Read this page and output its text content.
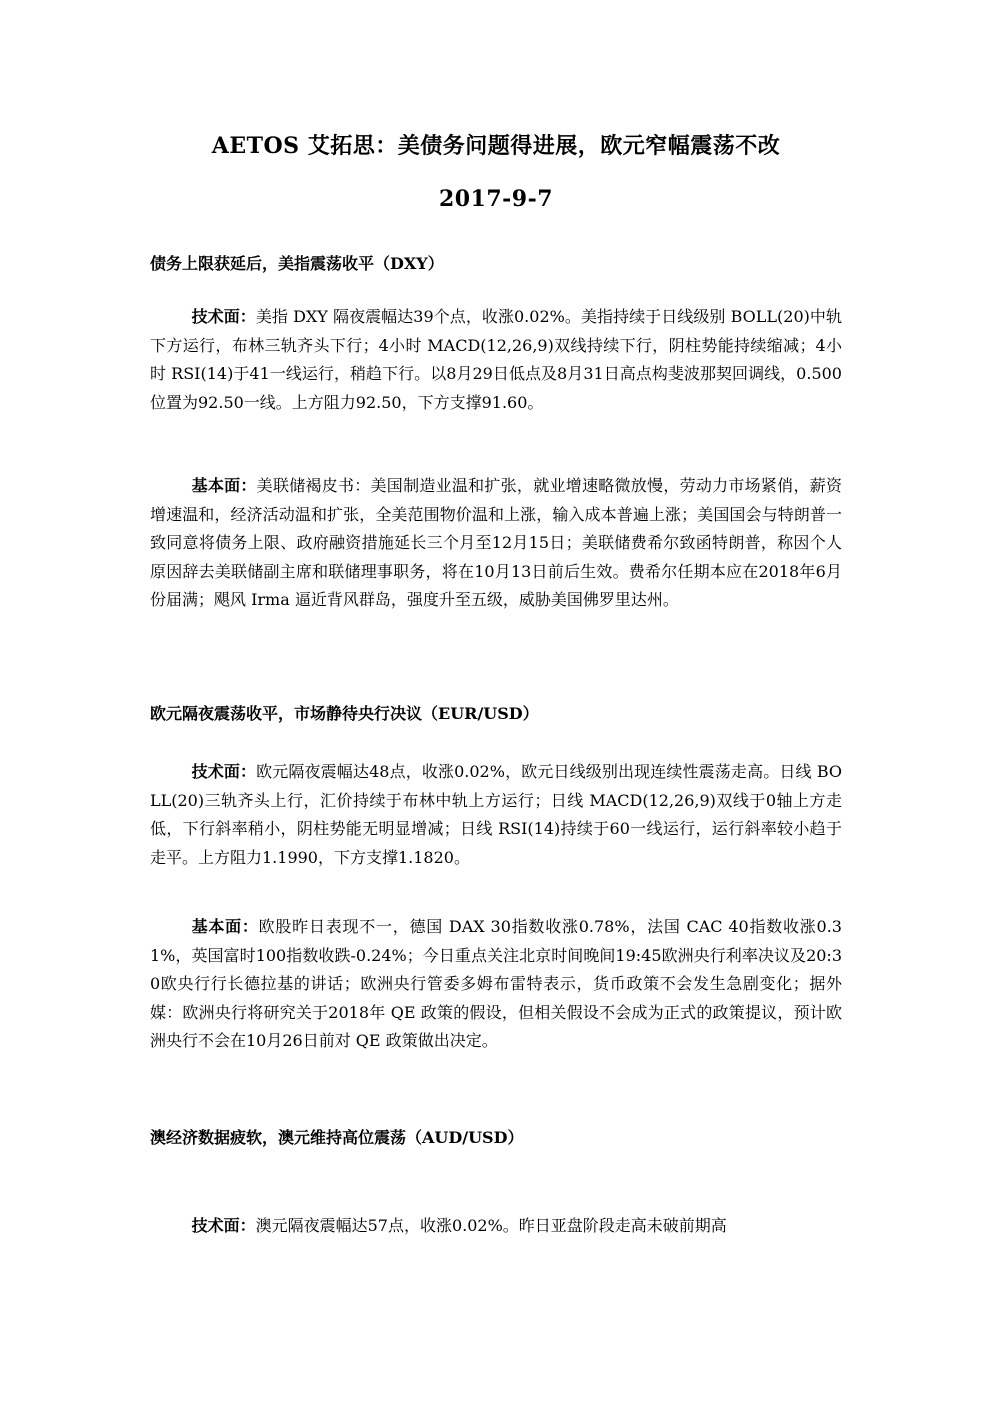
AETOS 艾拓思：美债务问题得进展，欧元窄幅震荡不改
2017-9-7
债务上限获延后，美指震荡收平（DXY）
技术面：美指 DXY 隔夜震幅达39个点，收涨0.02%。美指持续于日线级别 BOLL(20)中轨下方运行，布林三轨齐头下行；4小时 MACD(12,26,9)双线持续下行，阴柱势能持续缩减；4小时 RSI(14)于41一线运行，稍趋下行。以8月29日低点及8月31日高点构斐波那契回调线，0.500位置为92.50一线。上方阻力92.50，下方支撑91.60。
基本面：美联储褐皮书：美国制造业温和扩张，就业增速略微放慢，劳动力市场紧俏，薪资增速温和，经济活动温和扩张，全美范围物价温和上涨，输入成本普遍上涨；美国国会与特朗普一致同意将债务上限、政府融资措施延长三个月至12月15日；美联储费希尔致函特朗普，称因个人原因辞去美联储副主席和联储理事职务，将在10月13日前后生效。费希尔任期本应在2018年6月份届满；飓风 Irma 逼近背风群岛，强度升至五级，威胁美国佛罗里达州。
欧元隔夜震荡收平，市场静待央行决议（EUR/USD）
技术面：欧元隔夜震幅达48点，收涨0.02%，欧元日线级别出现连续性震荡走高。日线 BOLL(20)三轨齐头上行，汇价持续于布林中轨上方运行；日线 MACD(12,26,9)双线于0轴上方走低，下行斜率稍小，阴柱势能无明显增减；日线 RSI(14)持续于60一线运行，运行斜率较小趋于走平。上方阻力1.1990，下方支撑1.1820。
基本面：欧股昨日表现不一，德国 DAX 30指数收涨0.78%，法国 CAC 40指数收涨0.31%，英国富时100指数收跌-0.24%；今日重点关注北京时间晚间19:45欧洲央行利率决议及20:30欧央行行长德拉基的讲话；欧洲央行管委多姆布雷特表示，货币政策不会发生急剧变化；据外媒：欧洲央行将研究关于2018年 QE 政策的假设，但相关假设不会成为正式的政策提议，预计欧洲央行不会在10月26日前对 QE 政策做出决定。
澳经济数据疲软，澳元维持高位震荡（AUD/USD）
技术面：澳元隔夜震幅达57点，收涨0.02%。昨日亚盘阶段走高未破前期高
